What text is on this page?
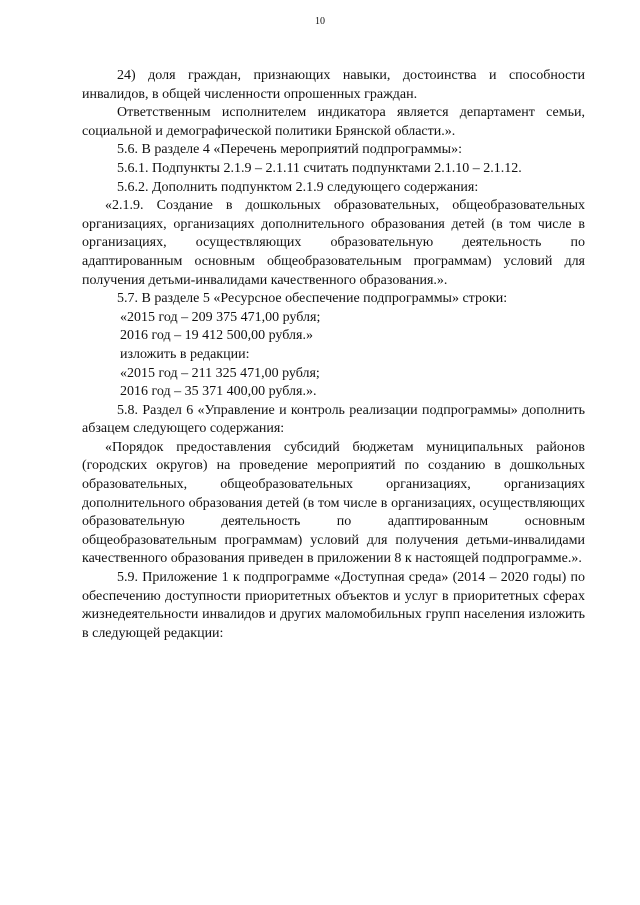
10

24) доля граждан, признающих навыки, достоинства и способности инвалидов, в общей численности опрошенных граждан.

Ответственным исполнителем индикатора является департамент семьи, социальной и демографической политики Брянской области.».

5.6. В разделе 4 «Перечень мероприятий подпрограммы»:

5.6.1. Подпункты 2.1.9 – 2.1.11 считать подпунктами 2.1.10 – 2.1.12.

5.6.2. Дополнить подпунктом 2.1.9 следующего содержания:

«2.1.9. Создание в дошкольных образовательных, общеобразовательных организациях, организациях дополнительного образования детей (в том числе в организациях, осуществляющих образовательную деятельность по адаптированным основным общеобразовательным программам) условий для получения детьми-инвалидами качественного образования.».

5.7. В разделе 5 «Ресурсное обеспечение подпрограммы» строки:

«2015 год – 209 375 471,00 рубля;

2016 год – 19 412 500,00 рубля.»

изложить в редакции:

«2015 год – 211 325 471,00 рубля;

2016 год – 35 371 400,00 рубля.».

5.8. Раздел 6 «Управление и контроль реализации подпрограммы» дополнить абзацем следующего содержания:

«Порядок предоставления субсидий бюджетам муниципальных районов (городских округов) на проведение мероприятий по созданию в дошкольных образовательных, общеобразовательных организациях, организациях дополнительного образования детей (в том числе в организациях, осуществляющих образовательную деятельность по адаптированным основным общеобразовательным программам) условий для получения детьми-инвалидами качественного образования приведен в приложении 8 к настоящей подпрограмме.».

5.9. Приложение 1 к подпрограмме «Доступная среда» (2014 – 2020 годы) по обеспечению доступности приоритетных объектов и услуг в приоритетных сферах жизнедеятельности инвалидов и других маломобильных групп населения изложить в следующей редакции:
